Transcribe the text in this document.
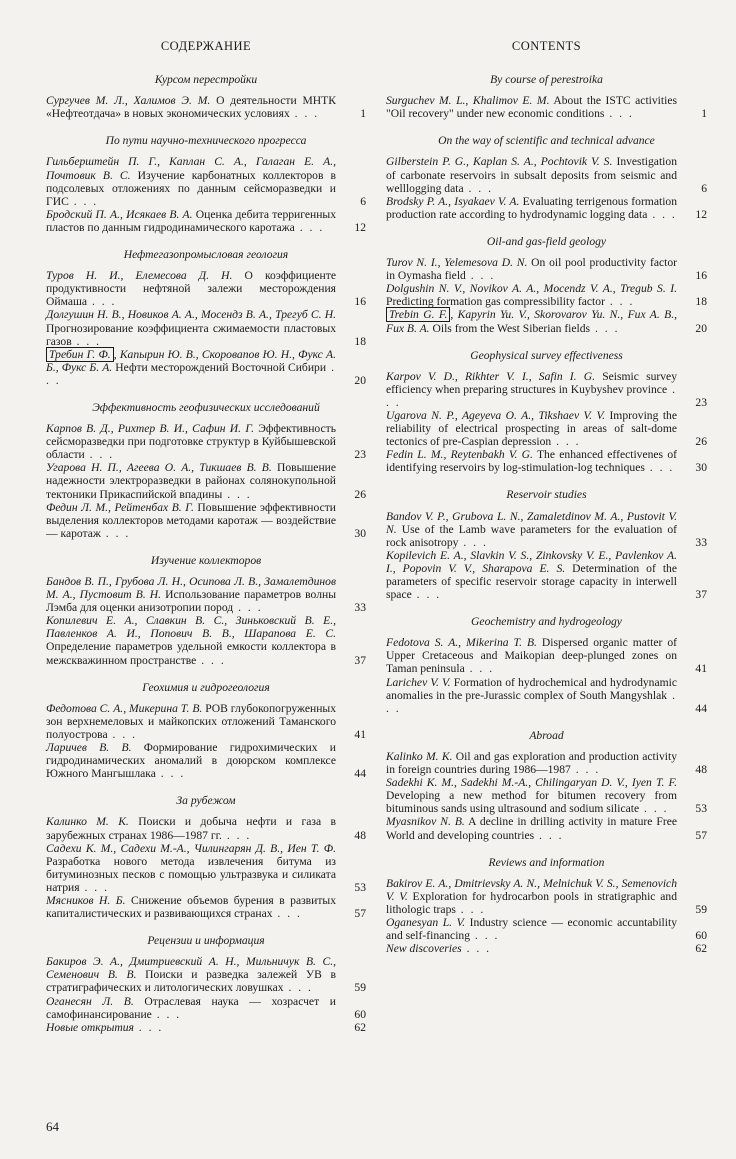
СОДЕРЖАНИЕ
Курсом перестройки
Сургучев М. Л., Халимов Э. М. О деятельности МНТК «Нефтеотдача» в новых экономических условиях . . .	1
По пути научно-технического прогресса
Гильберштейн П. Г., Каплан С. А., Галаган Е. А., Почтовик В. С. Изучение карбонатных коллекторов в подсолевых отложениях по данным сейсморазведки и ГИС . . .	6
Бродский П. А., Исякаев В. А. Оценка дебита терригенных пластов по данным гидродинамического каротажа . . .	12
Нефтегазопромысловая геология
Туров Н. И., Елемесова Д. Н. О коэффициенте продуктивности нефтяной залежи месторождения Оймаша . . .	16
Долгушин Н. В., Новиков А. А., Мосендз В. А., Трегуб С. Н. Прогнозирование коэффициента сжимаемости пластовых газов . . .	18
Требин Г. Ф. , Капырин Ю. В., Скоровапов Ю. Н., Фукс А. Б., Фукс Б. А. Нефти месторождений Восточной Сибири . . .	20
Эффективность геофизических исследований
Карпов В. Д., Рихтер В. И., Сафин И. Г. Эффективность сейсморазведки при подготовке структур в Куйбышевской области . . .	23
Угарова Н. П., Агеева О. А., Тикшаев В. В. Повышение надежности электроразведки в районах солянокупольной тектоники Прикаспийской впадины . . .	26
Федин Л. М., Рейтенбах В. Г. Повышение эффективности выделения коллекторов методами каротаж — воздействие — каротаж . . .	30
Изучение коллекторов
Бандов В. П., Грубова Л. Н., Осипова Л. В., Замалетдинов М. А., Пустовит В. Н. Использование параметров волны Лэмба для оценки анизотропии пород . . .	33
Копилевич Е. А., Славкин В. С., Зиньковский В. Е., Павленков А. И., Попович В. В., Шарапова Е. С. Определение параметров удельной емкости коллектора в межскважинном пространстве . . .	37
Геохимия и гидрогеология
Федотова С. А., Микерина Т. В. РОВ глубокопогруженных зон верхнемеловых и майкопских отложений Таманского полуострова . . .	41
Ларичев В. В. Формирование гидрохимических и гидродинамических аномалий в доюрском комплексе Южного Мангышлака . . .	44
За рубежом
Калинко М. К. Поиски и добыча нефти и газа в зарубежных странах 1986—1987 гг. . . .	48
Садехи К. М., Садехи М.-А., Чилингарян Д. В., Иен Т. Ф. Разработка нового метода извлечения битума из битуминозных песков с помощью ультразвука и силиката натрия . . .	53
Мясников Н. Б. Снижение объемов бурения в развитых капиталистических и развивающихся странах . . .	57
Рецензии и информация
Бакиров Э. А., Дмитриевский А. Н., Мильничук В. С., Семенович В. В. Поиски и разведка залежей УВ в стратиграфических и литологических ловушках . . .	59
Оганесян Л. В. Отраслевая наука — хозрасчет и самофинансирование . . .	60
Новые открытия . . .	62
CONTENTS
By course of perestroika
Surguchev M. L., Khalimov E. M. About the ISTC activities "Oil recovery" under new economic conditions . . .	1
On the way of scientific and technical advance
Gilberstein P. G., Kaplan S. A., Pochtovik V. S. Investigation of carbonate reservoirs in subsalt deposits from seismic and welllogging data . . .	6
Brodsky P. A., Isyakaev V. A. Evaluating terrigenous formation production rate according to hydrodynamic logging data . . .	12
Oil-and gas-field geology
Turov N. I., Yelemesova D. N. On oil pool productivity factor in Oymasha field . . .	16
Dolgushin N. V., Novikov A. A., Mocendz V. A., Tregub S. I. Predicting formation gas compressibility factor . . .	18
Trebin G. F. , Kapyrin Yu. V., Skorovarov Yu. N., Fux A. B., Fux B. A. Oils from the West Siberian fields . . .	20
Geophysical survey effectiveness
Karpov V. D., Rikhter V. I., Safin I. G. Seismic survey efficiency when preparing structures in Kuybyshev province . . .	23
Ugarova N. P., Ageyeva O. A., Tikshaev V. V. Improving the reliability of electrical prospecting in areas of salt-dome tectonics of pre-Caspian depression . . .	26
Fedin L. M., Reytenbakh V. G. The enhanced effectivenes of identifying reservoirs by log-stimulation-log techniques . . .	30
Reservoir studies
Bandov V. P., Grubova L. N., Zamaletdinov M. A., Pustovit V. N. Use of the Lamb wave parameters for the evaluation of rock anisotropy . . .	33
Kopilevich E. A., Slavkin V. S., Zinkovsky V. E., Pavlenkov A. I., Popovin V. V., Sharapova E. S. Determination of the parameters of specific reservoir storage capacity in interwell space . . .	37
Geochemistry and hydrogeology
Fedotova S. A., Mikerina T. B. Dispersed organic matter of Upper Cretaceous and Maikopian deep-plunged zones on Taman peninsula . . .	41
Larichev V. V. Formation of hydrochemical and hydrodynamic anomalies in the pre-Jurassic complex of South Mangyshlak . . .	44
Abroad
Kalinko M. K. Oil and gas exploration and production activity in foreign countries during 1986—1987 . . .	48
Sadekhi K. M., Sadekhi M.-A., Chilingaryan D. V., Iyen T. F. Developing a new method for bitumen recovery from bituminous sands using ultrasound and sodium silicate . . .	53
Myasnikov N. B. A decline in drilling activity in mature Free World and developing countries . . .	57
Reviews and information
Bakirov E. A., Dmitrievsky A. N., Melnichuk V. S., Semenovich V. V. Exploration for hydrocarbon pools in stratigraphic and lithologic traps . . .	59
Oganesyan L. V. Industry science — economic accuntability and self-financing . . .	60
New discoveries . . .	62
64
